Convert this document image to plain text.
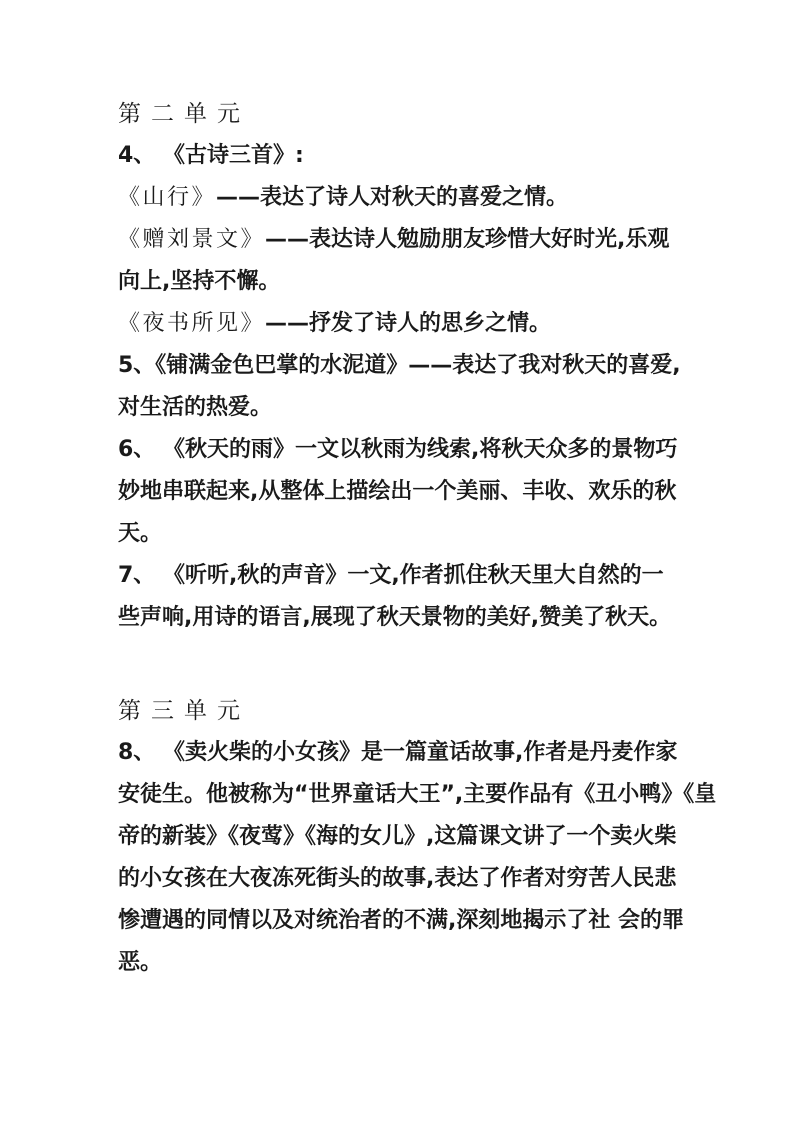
第二单元
4、 《古诗三首》:
《山行》——表达了诗人对秋天的喜爱之情。
《赠刘景文》——表达诗人勉励朋友珍惜大好时光,乐观
向上,坚持不懈。
《夜书所见》——抒发了诗人的思乡之情。
5、《铺满金色巴掌的水泥道》——表达了我对秋天的喜爱,
对生活的热爱。
6、 《秋天的雨》一文以秋雨为线索,将秋天众多的景物巧
妙地串联起来,从整体上描绘出一个美丽、丰收、欢乐的秋
天。
7、 《听听,秋的声音》一文,作者抓住秋天里大自然的一
些声响,用诗的语言,展现了秋天景物的美好,赞美了秋天。
第三单元
8、 《卖火柴的小女孩》是一篇童话故事,作者是丹麦作家
安徒生。他被称为“世界童话大王”,主要作品有《丑小鸭》《皇
帝的新装》《夜莺》《海的女儿》,这篇课文讲了一个卖火柴
的小女孩在大夜冻死街头的故事,表达了作者对穷苦人民悲
惨遭遇的同情以及对统治者的不满,深刻地揭示了社 会的罪
恶。
